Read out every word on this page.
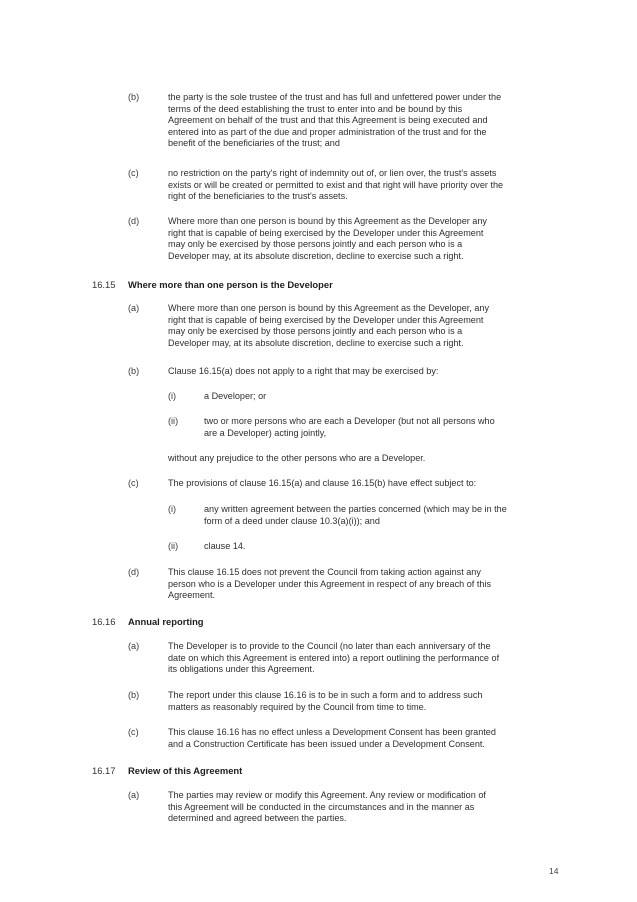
(b)	the party is the sole trustee of the trust and has full and unfettered power under the

terms of the deed establishing the trust to enter into and be bound by this

Agreement on behalf of the trust and that this Agreement is being executed and

entered into as part of the due and proper administration of the trust and for the

benefit of the beneficiaries of the trust; and

(c)	no restriction on the party's right of indemnity out of, or lien over, the trust's assets

exists or will be created or permitted to exist and that right will have priority over the

right of the beneficiaries to the trust's assets.

(d)	Where more than one person is bound by this Agreement as the Developer any

right that is capable of being exercised by the Developer under this Agreement

may only be exercised by those persons jointly and each person who is a

Developer may, at its absolute discretion, decline to exercise such a right.

16.15 Where more than one person is the Developer
(a)	Where more than one person is bound by this Agreement as the Developer, any

right that is capable of being exercised by the Developer under this Agreement

may only be exercised by those persons jointly and each person who is a

Developer may, at its absolute discretion, decline to exercise such a right.

(b)	Clause 16.15(a) does not apply to a right that may be exercised by:

(i)	a Developer; or

(ii)	two or more persons who are each a Developer (but not all persons who

are a Developer) acting jointly,

without any prejudice to the other persons who are a Developer.

(c)	The provisions of clause 16.15(a) and clause 16.15(b) have effect subject to:

(i)	any written agreement between the parties concerned (which may be in the

form of a deed under clause 10.3(a)(i)); and

(ii)	clause 14.

(d)	This clause 16.15 does not prevent the Council from taking action against any

person who is a Developer under this Agreement in respect of any breach of this

Agreement.

16.16 Annual reporting
(a)	The Developer is to provide to the Council (no later than each anniversary of the

date on which this Agreement is entered into) a report outlining the performance of

its obligations under this Agreement.

(b)	The report under this clause 16.16 is to be in such a form and to address such

matters as reasonably required by the Council from time to time.

(c)	This clause 16.16 has no effect unless a Development Consent has been granted

and a Construction Certificate has been issued under a Development Consent.

16.17 Review of this Agreement
(a)	The parties may review or modify this Agreement. Any review or modification of

this Agreement will be conducted in the circumstances and in the manner as

determined and agreed between the parties.

14
